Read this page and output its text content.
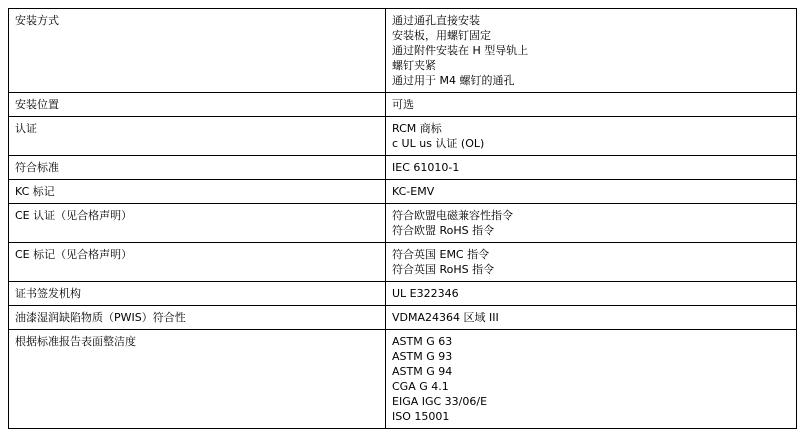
安装方式	通过通孔直接安装
安装板，用螺钉固定
通过附件安装在 H 型导轨上
螺钉夹紧
通过用于 M4 螺钉的通孔

安装位置	可选

认证	RCM 商标
c UL us 认证 (OL)

符合标准	IEC 61010-1

KC 标记	KC-EMV

CE 认证（见合格声明）	符合欧盟电磁兼容性指令
符合欧盟 RoHS 指令

CE 标记（见合格声明）	符合英国 EMC 指令
符合英国 RoHS 指令

证书签发机构	UL E322346

油漆湿润缺陷物质（PWIS）符合性	VDMA24364 区域 III

根据标准报告表面整洁度	ASTM G 63
ASTM G 93
ASTM G 94
CGA G 4.1
EIGA IGC 33/06/E
ISO 15001
